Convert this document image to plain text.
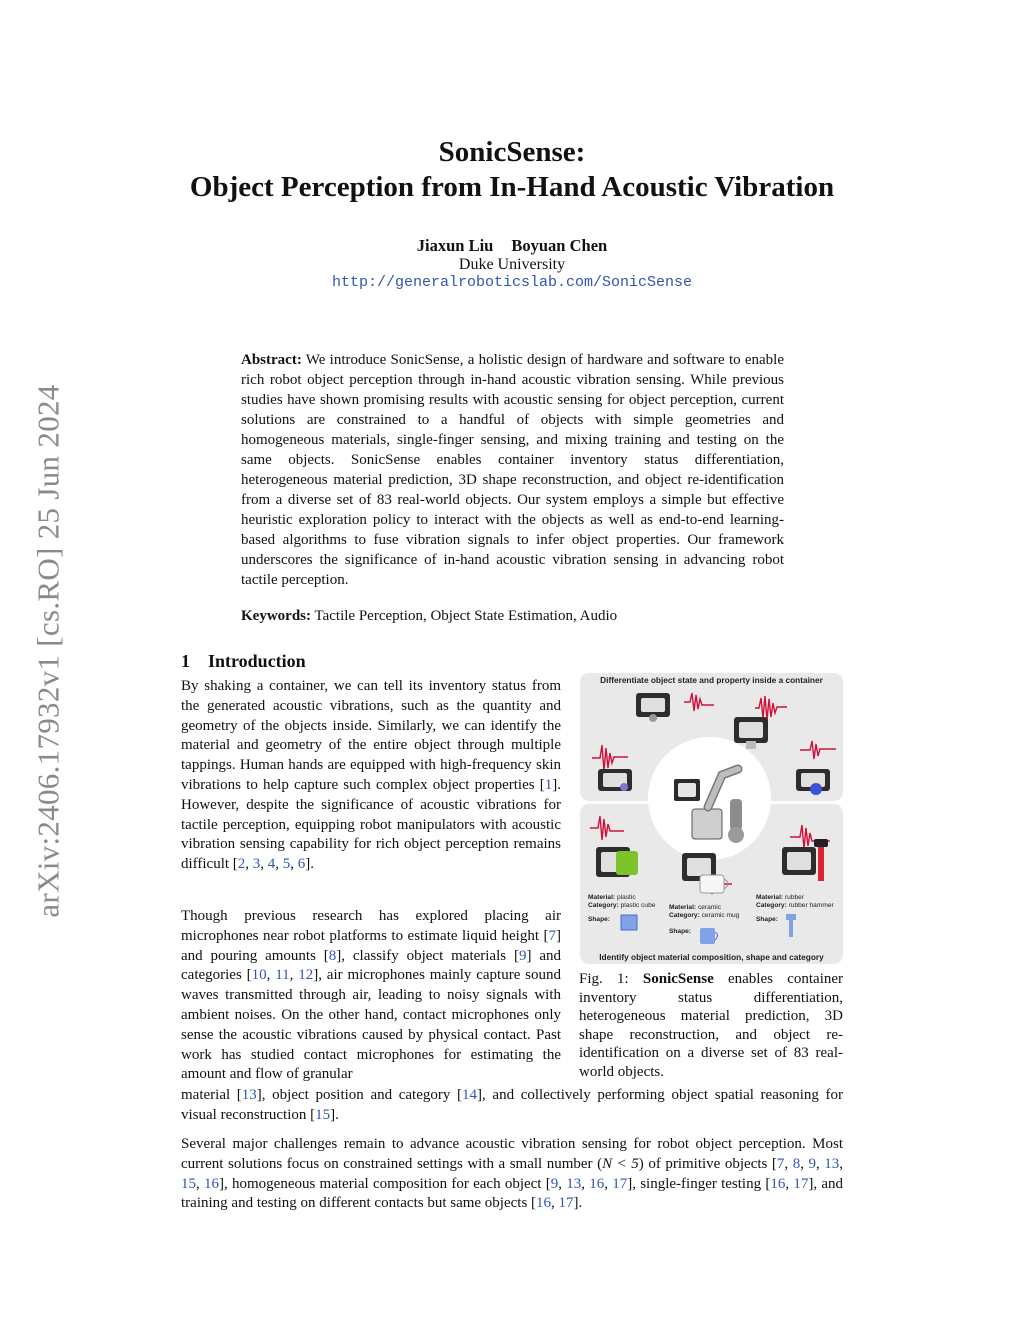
arXiv:2406.17932v1 [cs.RO] 25 Jun 2024
SonicSense:
Object Perception from In-Hand Acoustic Vibration
Jiaxun Liu Boyuan Chen
Duke University
http://generalroboticslab.com/SonicSense
Abstract: We introduce SonicSense, a holistic design of hardware and software to enable rich robot object perception through in-hand acoustic vibration sensing. While previous studies have shown promising results with acoustic sensing for object perception, current solutions are constrained to a handful of objects with simple geometries and homogeneous materials, single-finger sensing, and mixing training and testing on the same objects. SonicSense enables container inventory status differentiation, heterogeneous material prediction, 3D shape reconstruction, and object re-identification from a diverse set of 83 real-world objects. Our system employs a simple but effective heuristic exploration policy to interact with the objects as well as end-to-end learning-based algorithms to fuse vibration signals to infer object properties. Our framework underscores the significance of in-hand acoustic vibration sensing in advancing robot tactile perception.
Keywords: Tactile Perception, Object State Estimation, Audio
1 Introduction
By shaking a container, we can tell its inventory status from the generated acoustic vibrations, such as the quantity and geometry of the objects inside. Similarly, we can identify the material and geometry of the entire object through multiple tappings. Human hands are equipped with high-frequency skin vibrations to help capture such complex object properties [1]. However, despite the significance of acoustic vibrations for tactile perception, equipping robot manipulators with acoustic vibration sensing capability for rich object perception remains difficult [2, 3, 4, 5, 6].
Though previous research has explored placing air microphones near robot platforms to estimate liquid height [7] and pouring amounts [8], classify object materials [9] and categories [10, 11, 12], air microphones mainly capture sound waves transmitted through air, leading to noisy signals with ambient noises. On the other hand, contact microphones only sense the acoustic vibrations caused by physical contact. Past work has studied contact microphones for estimating the amount and flow of granular
material [13], object position and category [14], and collectively performing object spatial reasoning for visual reconstruction [15].
Several major challenges remain to advance acoustic vibration sensing for robot object perception. Most current solutions focus on constrained settings with a small number (N < 5) of primitive objects [7, 8, 9, 13, 15, 16], homogeneous material composition for each object [9, 13, 16, 17], single-finger testing [16, 17], and training and testing on different contacts but same objects [16, 17].
Differentiate object state and property inside a container
Material: plastic
Category: plastic cube
Shape:
Material: ceramic
Category: ceramic mug
Shape:
Material: rubber
Category: rubber hammer
Shape:
Identify object material composition, shape and category
Fig. 1: SonicSense enables container inventory status differentiation, heterogeneous material prediction, 3D shape reconstruction, and object re-identification on a diverse set of 83 real-world objects.
